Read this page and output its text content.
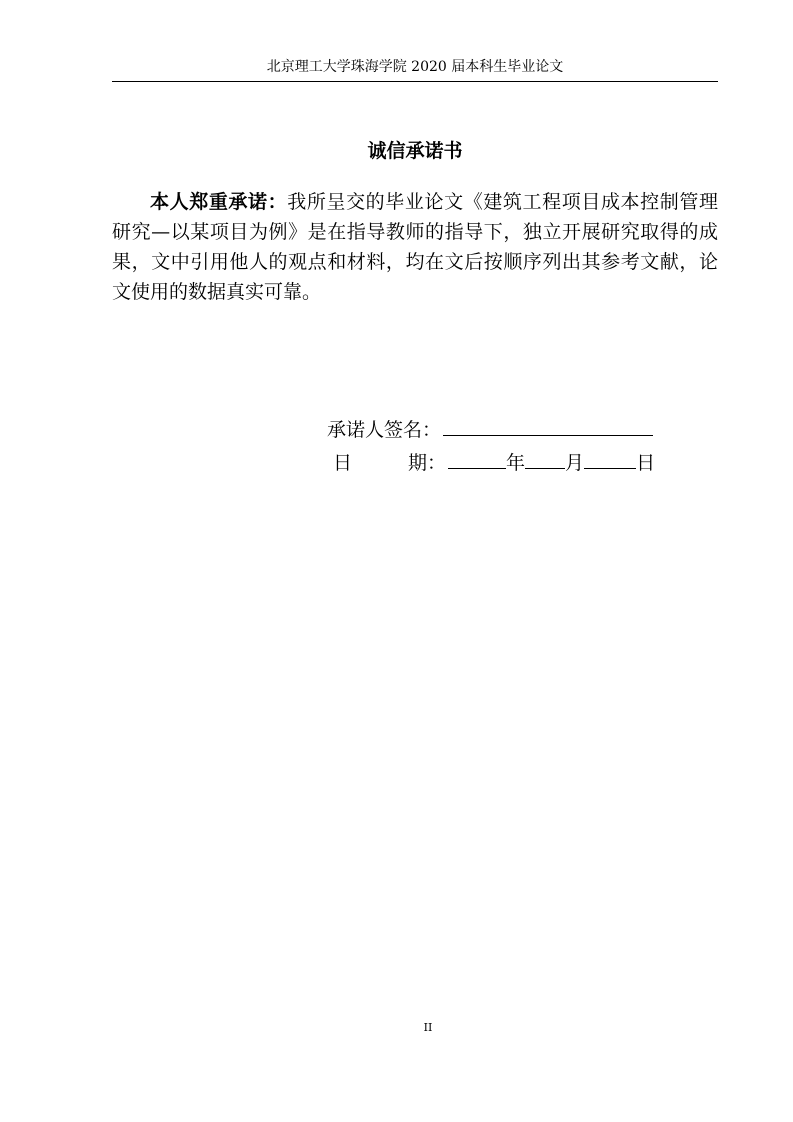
北京理工大学珠海学院 2020 届本科生毕业论文
诚信承诺书

本人郑重承诺：我所呈交的毕业论文《建筑工程项目成本控制管理研究—以某项目为例》是在指导教师的指导下，独立开展研究取得的成果，文中引用他人的观点和材料，均在文后按顺序列出其参考文献，论文使用的数据真实可靠。

承诺人签名：
日	期：	年 月	日
II
